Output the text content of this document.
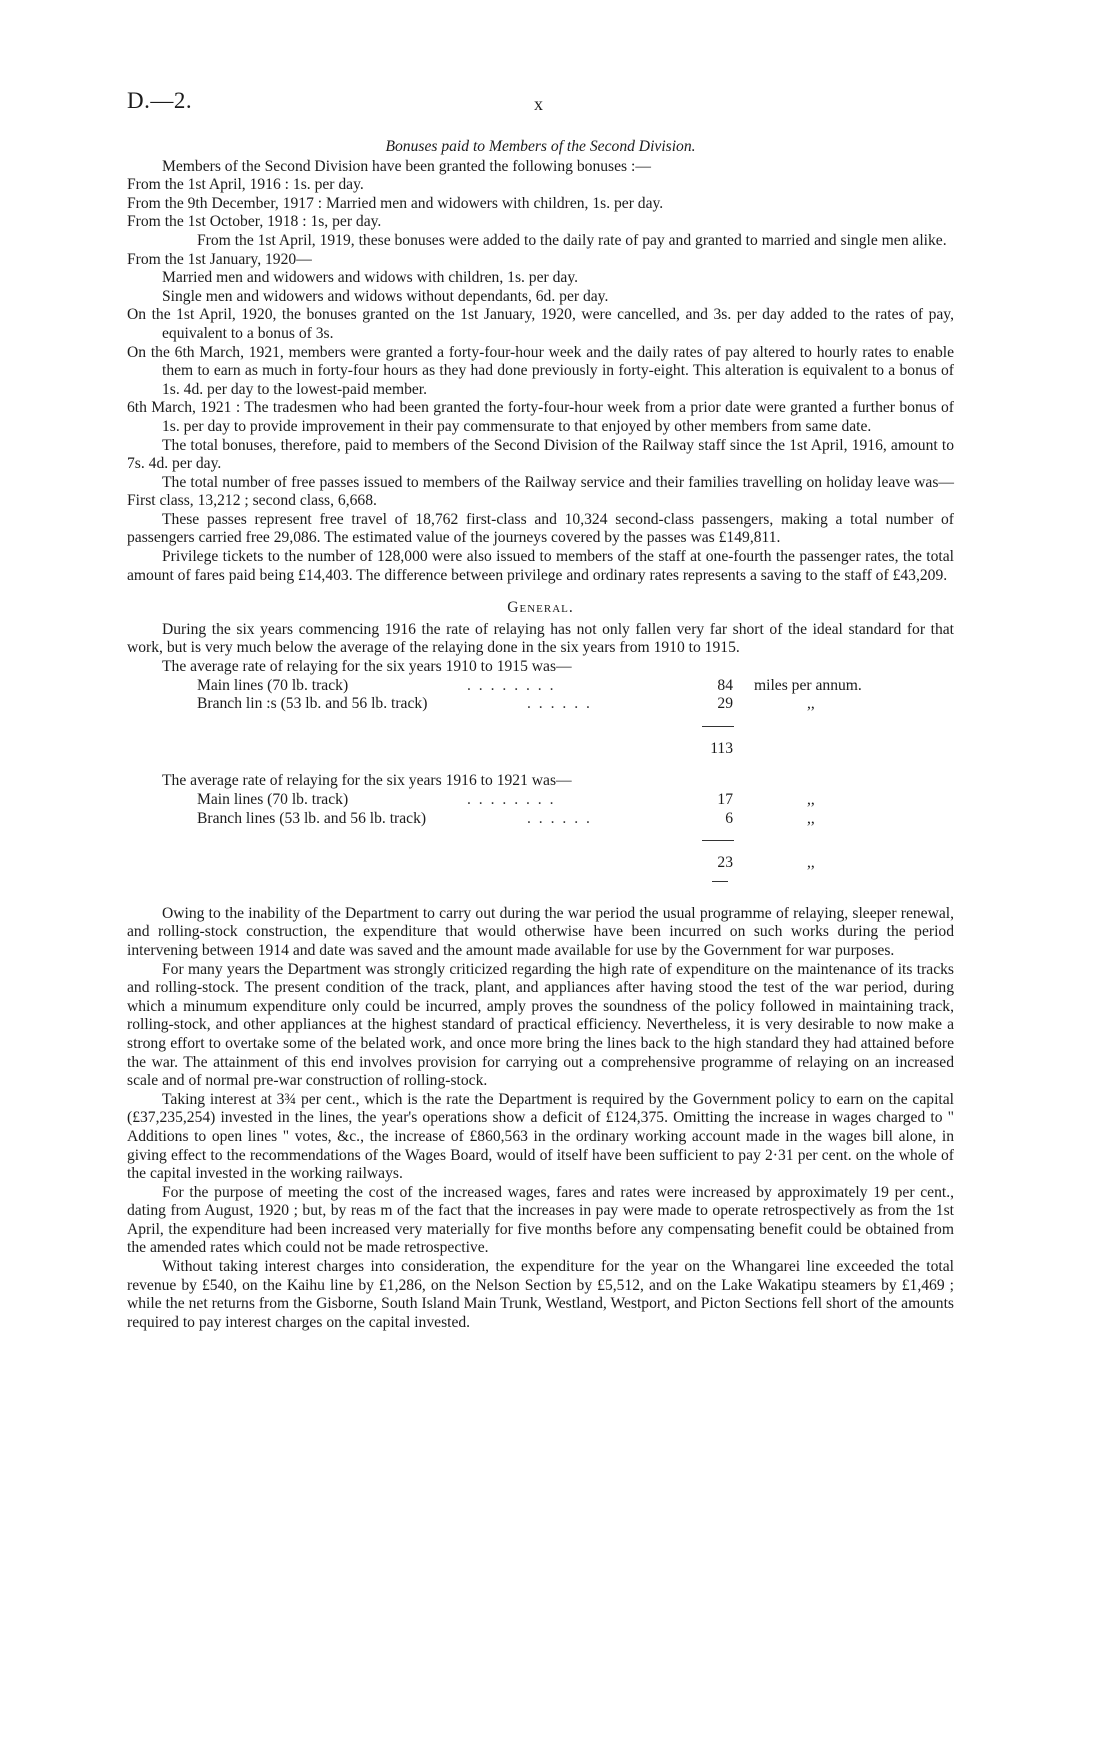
D.—2.	x

Bonuses paid to Members of the Second Division.

Members of the Second Division have been granted the following bonuses :—

From the 1st April, 1916 : 1s. per day.

From the 9th December, 1917 : Married men and widowers with children, 1s. per day.

From the 1st October, 1918 : 1s, per day.

From the 1st April, 1919, these bonuses were added to the daily rate of pay and granted to married and single men alike.

From the 1st January, 1920—

Married men and widowers and widows with children, 1s. per day.

Single men and widowers and widows without dependants, 6d. per day.

On the 1st April, 1920, the bonuses granted on the 1st January, 1920, were cancelled, and 3s. per day added to the rates of pay, equivalent to a bonus of 3s.

On the 6th March, 1921, members were granted a forty-four-hour week and the daily rates of pay altered to hourly rates to enable them to earn as much in forty-four hours as they had done previously in forty-eight. This alteration is equivalent to a bonus of 1s. 4d. per day to the lowest-paid member.

6th March, 1921 : The tradesmen who had been granted the forty-four-hour week from a prior date were granted a further bonus of 1s. per day to provide improvement in their pay commensurate to that enjoyed by other members from same date.

The total bonuses, therefore, paid to members of the Second Division of the Railway staff since the 1st April, 1916, amount to 7s. 4d. per day.

The total number of free passes issued to members of the Railway service and their families travelling on holiday leave was—First class, 13,212 ; second class, 6,668.

These passes represent free travel of 18,762 first-class and 10,324 second-class passengers, making a total number of passengers carried free 29,086. The estimated value of the journeys covered by the passes was £149,811.

Privilege tickets to the number of 128,000 were also issued to members of the staff at one-fourth the passenger rates, the total amount of fares paid being £14,403. The difference between privilege and ordinary rates represents a saving to the staff of £43,209.

General.

During the six years commencing 1916 the rate of relaying has not only fallen very far short of the ideal standard for that work, but is very much below the average of the relaying done in the six years from 1910 to 1915.

The average rate of relaying for the six years 1910 to 1915 was—

Main lines (70 lb. track)	. . . . . . . .	84 miles per annum.
Branch lin :s (53 lb. and 56 lb. track)	. . . . . .	29	,,
113

The average rate of relaying for the six years 1916 to 1921 was—

Main lines (70 lb. track)	. . . . . . . .	17	,,
Branch lines (53 lb. and 56 lb. track)	. . . . . .	6	,,
23	,,

Owing to the inability of the Department to carry out during the war period the usual programme of relaying, sleeper renewal, and rolling-stock construction, the expenditure that would otherwise have been incurred on such works during the period intervening between 1914 and date was saved and the amount made available for use by the Government for war purposes.

For many years the Department was strongly criticized regarding the high rate of expenditure on the maintenance of its tracks and rolling-stock. The present condition of the track, plant, and appliances after having stood the test of the war period, during which a minumum expenditure only could be incurred, amply proves the soundness of the policy followed in maintaining track, rolling-stock, and other appliances at the highest standard of practical efficiency. Nevertheless, it is very desirable to now make a strong effort to overtake some of the belated work, and once more bring the lines back to the high standard they had attained before the war. The attainment of this end involves provision for carrying out a comprehensive programme of relaying on an increased scale and of normal pre-war construction of rolling-stock.

Taking interest at 3¾ per cent., which is the rate the Department is required by the Government policy to earn on the capital (£37,235,254) invested in the lines, the year's operations show a deficit of £124,375. Omitting the increase in wages charged to " Additions to open lines " votes, &c., the increase of £860,563 in the ordinary working account made in the wages bill alone, in giving effect to the recommendations of the Wages Board, would of itself have been sufficient to pay 2·31 per cent. on the whole of the capital invested in the working railways.

For the purpose of meeting the cost of the increased wages, fares and rates were increased by approximately 19 per cent., dating from August, 1920 ; but, by reas m of the fact that the increases in pay were made to operate retrospectively as from the 1st April, the expenditure had been increased very materially for five months before any compensating benefit could be obtained from the amended rates which could not be made retrospective.

Without taking interest charges into consideration, the expenditure for the year on the Whangarei line exceeded the total revenue by £540, on the Kaihu line by £1,286, on the Nelson Section by £5,512, and on the Lake Wakatipu steamers by £1,469 ; while the net returns from the Gisborne, South Island Main Trunk, Westland, Westport, and Picton Sections fell short of the amounts required to pay interest charges on the capital invested.
